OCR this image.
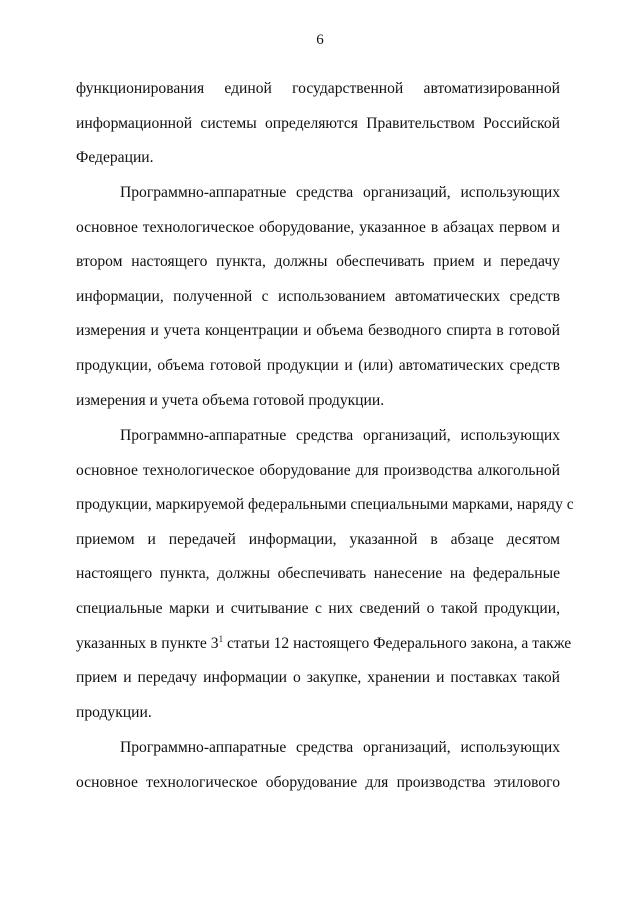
6
функционирования единой государственной автоматизированной
информационной системы определяются Правительством Российской
Федерации.
Программно-аппаратные средства организаций, использующих
основное технологическое оборудование, указанное в абзацах первом и
втором настоящего пункта, должны обеспечивать прием и передачу
информации, полученной с использованием автоматических средств
измерения и учета концентрации и объема безводного спирта в готовой
продукции, объема готовой продукции и (или) автоматических средств
измерения и учета объема готовой продукции.
Программно-аппаратные средства организаций, использующих
основное технологическое оборудование для производства алкогольной
продукции, маркируемой федеральными специальными марками, наряду с
приемом и передачей информации, указанной в абзаце десятом
настоящего пункта, должны обеспечивать нанесение на федеральные
специальные марки и считывание с них сведений о такой продукции,
указанных в пункте $3^1$ статьи 12 настоящего Федерального закона, а также
прием и передачу информации о закупке, хранении и поставках такой
продукции.
Программно-аппаратные средства организаций, использующих
основное технологическое оборудование для производства этилового
